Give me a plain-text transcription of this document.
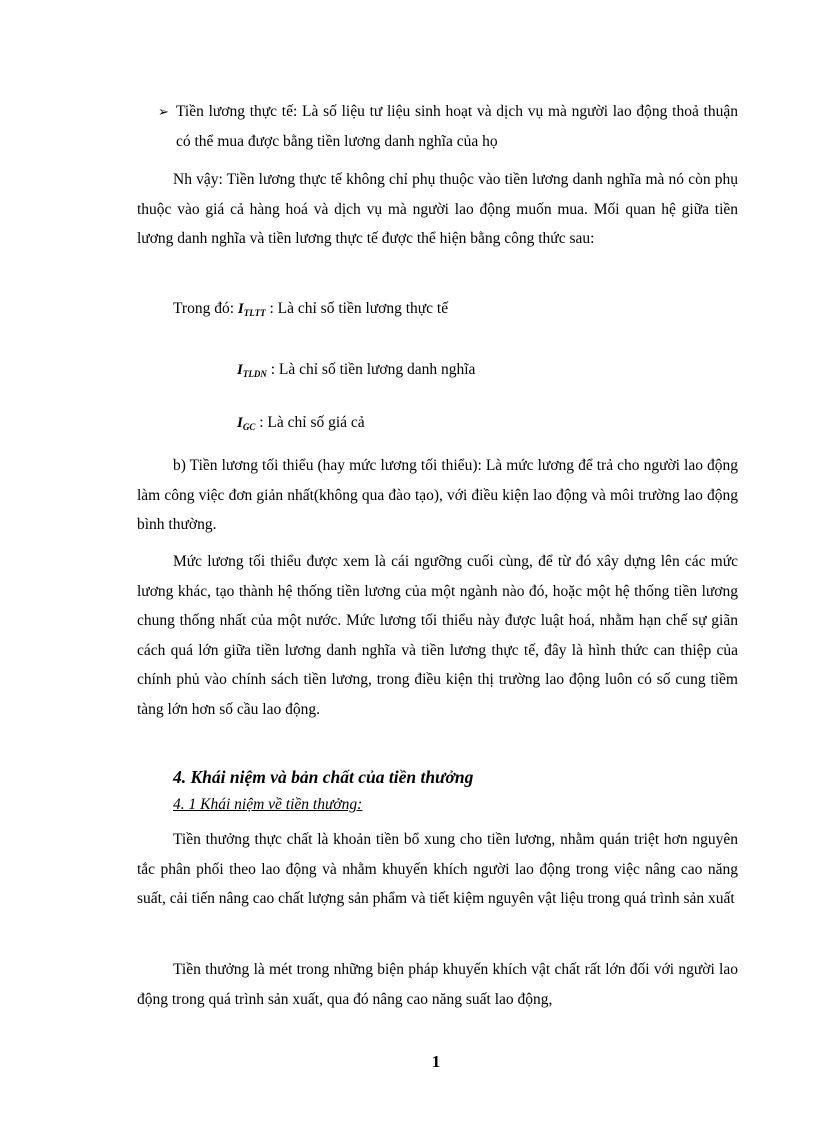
➢ Tiền lương thực tế: Là số liệu tư liệu sinh hoạt và dịch vụ mà người lao động thoả thuận có thể mua được bằng tiền lương danh nghĩa của họ

Nh vậy: Tiền lương thực tế không chỉ phụ thuộc vào tiền lương danh nghĩa mà nó còn phụ thuộc vào giá cả hàng hoá và dịch vụ mà người lao động muốn mua. Mối quan hệ giữa tiền lương danh nghĩa và tiền lương thực tế được thể hiện bằng công thức sau:

Trong đó: $I_{TLTT}$ : Là chỉ số tiền lương thực tế
$I_{TLDN}$ : Là chỉ số tiền lương danh nghĩa
$I_{GC}$ : Là chỉ số giá cả

b) Tiền lương tối thiểu (hay mức lương tối thiểu): Là mức lương để trả cho người lao động làm công việc đơn giản nhất(không qua đào tạo), với điều kiện lao động và môi trường lao động bình thường.

Mức lương tối thiểu được xem là cái ngưỡng cuối cùng, để từ đó xây dựng lên các mức lương khác, tạo thành hệ thống tiền lương của một ngành nào đó, hoặc một hệ thống tiền lương chung thống nhất của một nước. Mức lương tối thiểu này được luật hoá, nhằm hạn chế sự giãn cách quá lớn giữa tiền lương danh nghĩa và tiền lương thực tế, đây là hình thức can thiệp của chính phủ vào chính sách tiền lương, trong điều kiện thị trường lao động luôn có số cung tiềm tàng lớn hơn số cầu lao động.

4. Khái niệm và bản chất của tiền thưởng
4. 1 Khái niệm về tiền thưởng:

Tiền thưởng thực chất là khoản tiền bổ xung cho tiền lương, nhằm quán triệt hơn nguyên tắc phân phối theo lao động và nhằm khuyến khích người lao động trong việc nâng cao năng suất, cải tiến nâng cao chất lượng sản phẩm và tiết kiệm nguyên vật liệu trong quá trình sản xuất

Tiền thưởng là mét trong những biện pháp khuyến khích vật chất rất lớn đối với người lao động trong quá trình sản xuất, qua đó nâng cao năng suất lao động,

1
